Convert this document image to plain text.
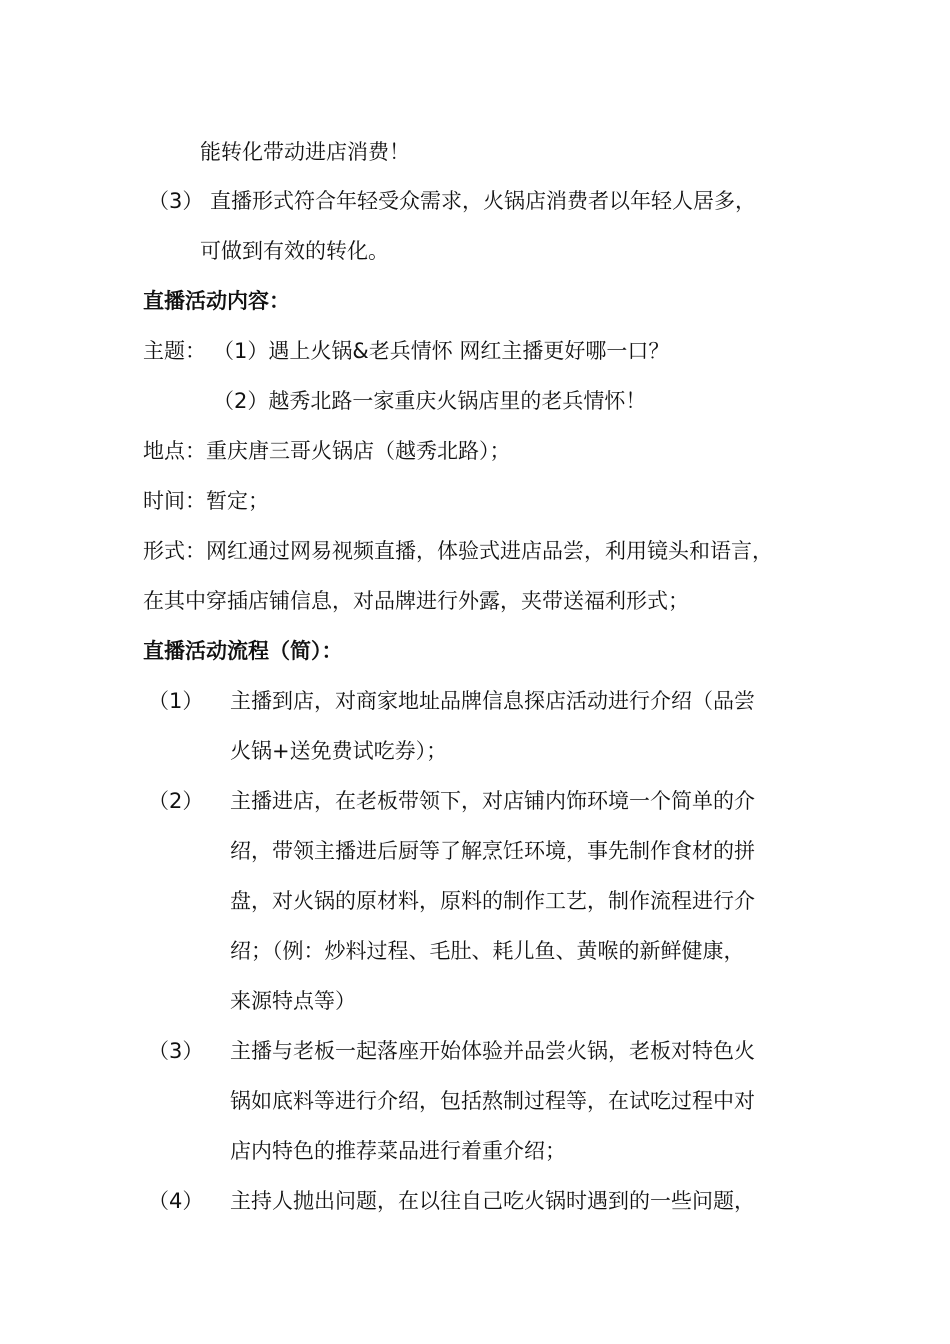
能转化带动进店消费！
（3） 直播形式符合年轻受众需求，火锅店消费者以年轻人居多，
可做到有效的转化。
直播活动内容：
主题： （1）遇上火锅&老兵情怀 网红主播更好哪一口？
（2）越秀北路一家重庆火锅店里的老兵情怀！
地点：重庆唐三哥火锅店（越秀北路）；
时间：暂定；
形式：网红通过网易视频直播，体验式进店品尝，利用镜头和语言，
在其中穿插店铺信息，对品牌进行外露，夹带送福利形式；
直播活动流程（简）：
（1） 主播到店，对商家地址品牌信息探店活动进行介绍（品尝
火锅+送免费试吃券）；
（2） 主播进店，在老板带领下，对店铺内饰环境一个简单的介
绍，带领主播进后厨等了解烹饪环境，事先制作食材的拼
盘，对火锅的原材料，原料的制作工艺，制作流程进行介
绍；（例：炒料过程、毛肚、耗儿鱼、黄喉的新鲜健康，
来源特点等）
（3） 主播与老板一起落座开始体验并品尝火锅，老板对特色火
锅如底料等进行介绍，包括熬制过程等，在试吃过程中对
店内特色的推荐菜品进行着重介绍；
（4） 主持人抛出问题，在以往自己吃火锅时遇到的一些问题，
